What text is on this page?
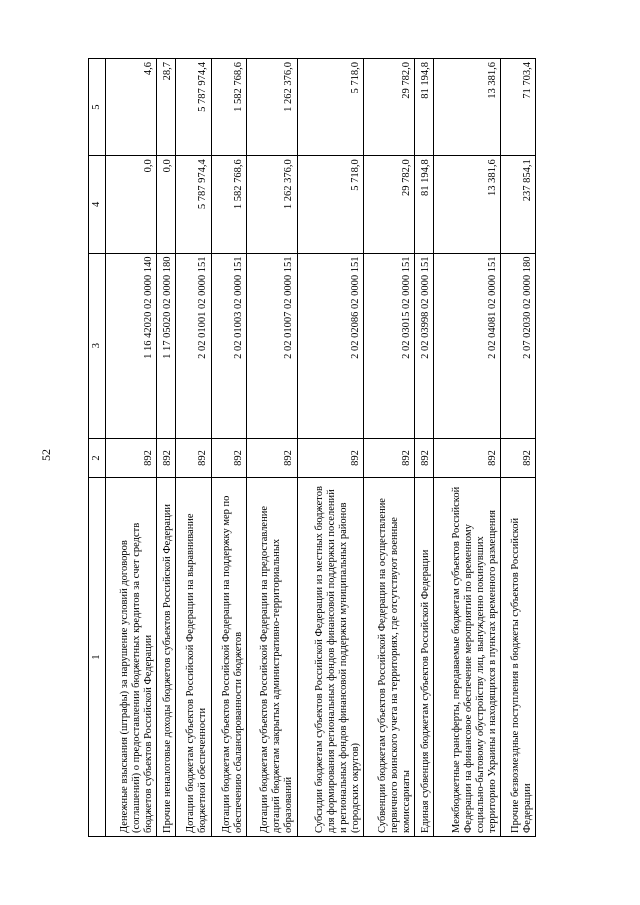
52
1	2	3	4	5
Денежные взыскания (штрафы) за нарушение условий договоров (соглашений) о предоставлении бюджетных кредитов за счет средств бюджетов субъектов Российской Федерации	892	1 16 42020 02 0000 140	0,0	4,6
Прочие неналоговые доходы бюджетов субъектов Российской Федерации	892	1 17 05020 02 0000 180	0,0	28,7
Дотации бюджетам субъектов Российской Федерации на выравнивание бюджетной обеспеченности	892	2 02 01001 02 0000 151	5 787 974,4	5 787 974,4
Дотации бюджетам субъектов Российской Федерации на поддержку мер по обеспечению сбалансированности бюджетов	892	2 02 01003 02 0000 151	1 582 768,6	1 582 768,6
Дотации бюджетам субъектов Российской Федерации на предоставление дотаций бюджетам закрытых административно-территориальных образований	892	2 02 01007 02 0000 151	1 262 376,0	1 262 376,0
Субсидии бюджетам субъектов Российской Федерации из местных бюджетов для формирования региональных фондов финансовой поддержки поселений и региональных фондов финансовой поддержки муниципальных районов (городских округов)	892	2 02 02086 02 0000 151	5 718,0	5 718,0
Субвенции бюджетам субъектов Российской Федерации на осуществление первичного воинского учета на территориях, где отсутствуют военные комиссариаты	892	2 02 03015 02 0000 151	29 782,0	29 782,0
Единая субвенция бюджетам субъектов Российской Федерации	892	2 02 03998 02 0000 151	81 194,8	81 194,8
Межбюджетные трансферты, передаваемые бюджетам субъектов Российской Федерации на финансовое обеспечение мероприятий по временному социально-бытовому обустройству лиц, вынужденно покинувших территорию Украины и находящихся в пунктах временного размещения	892	2 02 04081 02 0000 151	13 381,6	13 381,6
Прочие безвозмездные поступления в бюджеты субъектов Российской Федерации	892	2 07 02030 02 0000 180	237 854,1	71 703,4
